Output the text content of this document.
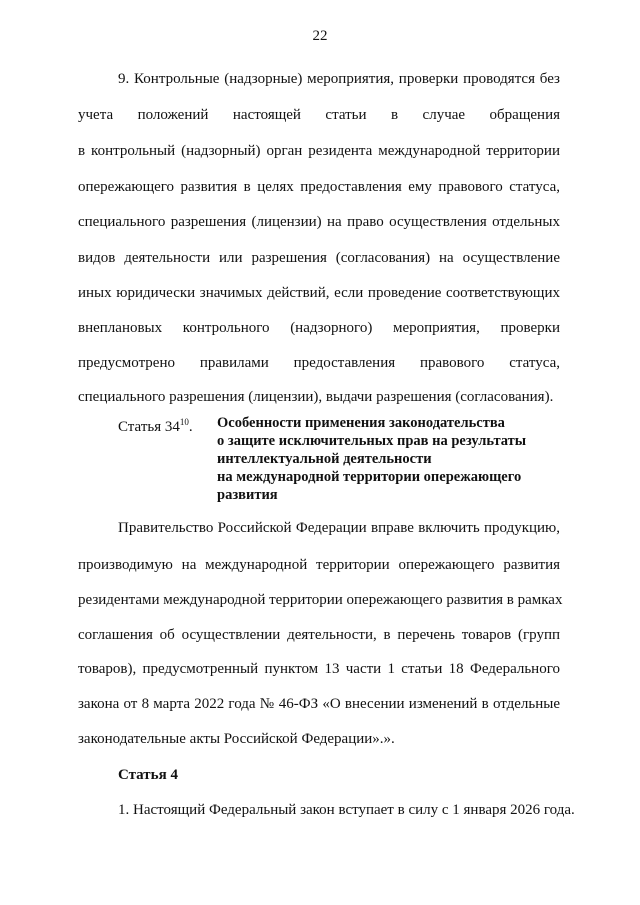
22
9. Контрольные (надзорные) мероприятия, проверки проводятся без
учета положений настоящей статьи в случае обращения
в контрольный (надзорный) орган резидента международной территории
опережающего развития в целях предоставления ему правового статуса,
специального разрешения (лицензии) на право осуществления отдельных
видов деятельности или разрешения (согласования) на осуществление
иных юридически значимых действий, если проведение соответствующих
внеплановых контрольного (надзорного) мероприятия, проверки
предусмотрено правилами предоставления правового статуса,
специального разрешения (лицензии), выдачи разрешения (согласования).
Статья $34^{10}$. Особенности применения законодательства
о защите исключительных прав на результаты
интеллектуальной деятельности
на международной территории опережающего
развития
Правительство Российской Федерации вправе включить продукцию,
производимую на международной территории опережающего развития
резидентами международной территории опережающего развития в рамках
соглашения об осуществлении деятельности, в перечень товаров (групп
товаров), предусмотренный пунктом 13 части 1 статьи 18 Федерального
закона от 8 марта 2022 года № 46-ФЗ «О внесении изменений в отдельные
законодательные акты Российской Федерации».».
Статья 4
1. Настоящий Федеральный закон вступает в силу с 1 января 2026 года.
